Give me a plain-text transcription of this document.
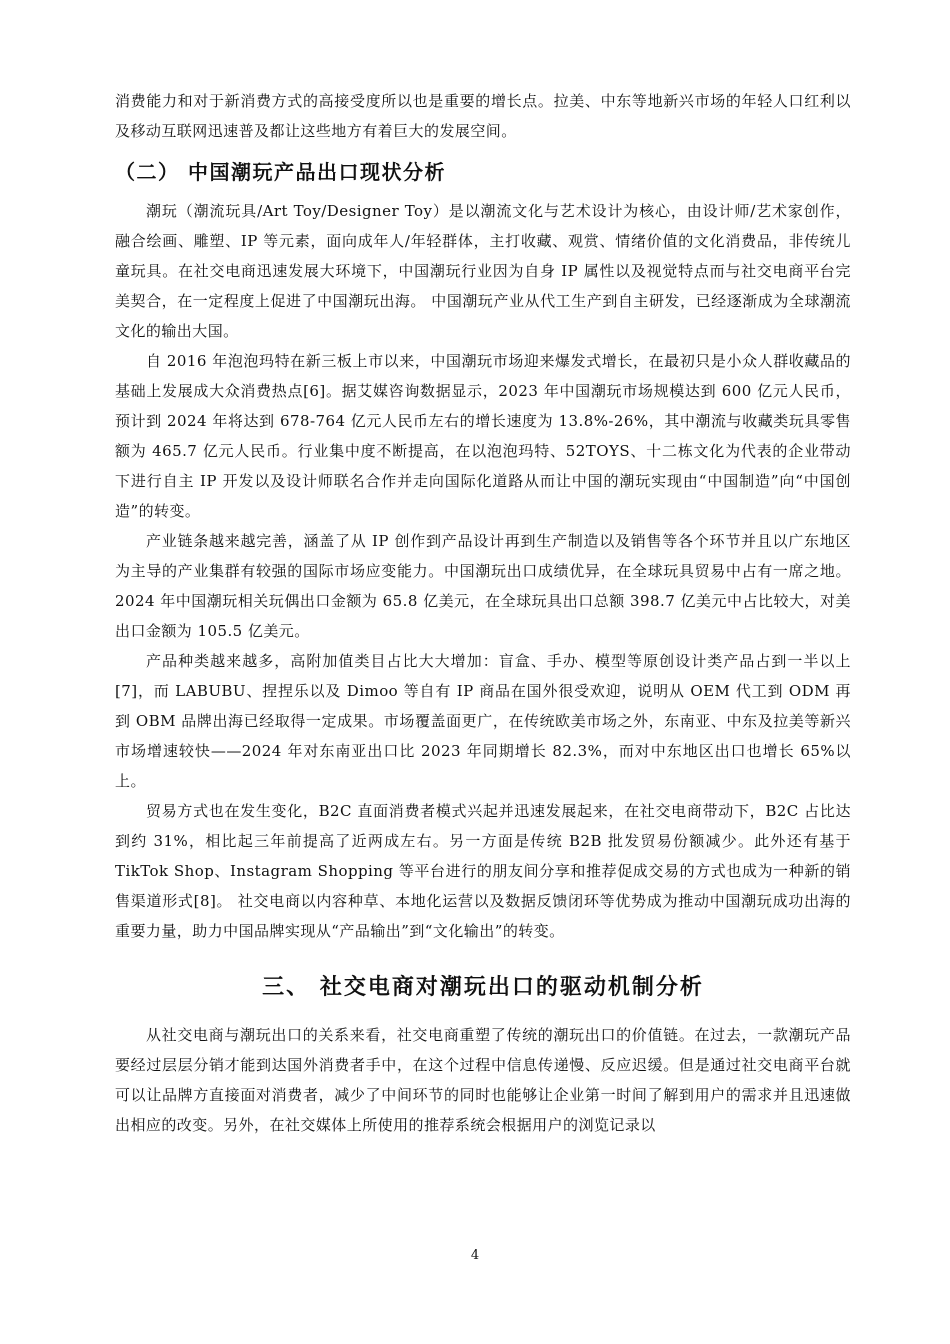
消费能力和对于新消费方式的高接受度所以也是重要的增长点。拉美、中东等地新兴市场的年轻人口红利以及移动互联网迅速普及都让这些地方有着巨大的发展空间。

（二） 中国潮玩产品出口现状分析

潮玩（潮流玩具/Art Toy/Designer Toy）是以潮流文化与艺术设计为核心，由设计师/艺术家创作，融合绘画、雕塑、IP 等元素，面向成年人/年轻群体，主打收藏、观赏、情绪价值的文化消费品，非传统儿童玩具。在社交电商迅速发展大环境下，中国潮玩行业因为自身 IP 属性以及视觉特点而与社交电商平台完美契合，在一定程度上促进了中国潮玩出海。 中国潮玩产业从代工生产到自主研发，已经逐渐成为全球潮流文化的输出大国。

自 2016 年泡泡玛特在新三板上市以来，中国潮玩市场迎来爆发式增长，在最初只是小众人群收藏品的基础上发展成大众消费热点[6]。据艾媒咨询数据显示，2023 年中国潮玩市场规模达到 600 亿元人民币，预计到 2024 年将达到 678-764 亿元人民币左右的增长速度为 13.8%-26%，其中潮流与收藏类玩具零售额为 465.7 亿元人民币。行业集中度不断提高，在以泡泡玛特、52TOYS、十二栋文化为代表的企业带动下进行自主 IP 开发以及设计师联名合作并走向国际化道路从而让中国的潮玩实现由“中国制造”向“中国创造”的转变。

产业链条越来越完善，涵盖了从 IP 创作到产品设计再到生产制造以及销售等各个环节并且以广东地区为主导的产业集群有较强的国际市场应变能力。中国潮玩出口成绩优异，在全球玩具贸易中占有一席之地。2024 年中国潮玩相关玩偶出口金额为 65.8 亿美元，在全球玩具出口总额 398.7 亿美元中占比较大，对美出口金额为 105.5 亿美元。

产品种类越来越多，高附加值类目占比大大增加：盲盒、手办、模型等原创设计类产品占到一半以上[7]，而 LABUBU、捏捏乐以及 Dimoo 等自有 IP 商品在国外很受欢迎，说明从 OEM 代工到 ODM 再到 OBM 品牌出海已经取得一定成果。市场覆盖面更广，在传统欧美市场之外，东南亚、中东及拉美等新兴市场增速较快——2024 年对东南亚出口比 2023 年同期增长 82.3%，而对中东地区出口也增长 65%以上。

贸易方式也在发生变化，B2C 直面消费者模式兴起并迅速发展起来，在社交电商带动下，B2C 占比达到约 31%，相比起三年前提高了近两成左右。另一方面是传统 B2B 批发贸易份额减少。此外还有基于 TikTok Shop、Instagram Shopping 等平台进行的朋友间分享和推荐促成交易的方式也成为一种新的销售渠道形式[8]。 社交电商以内容种草、本地化运营以及数据反馈闭环等优势成为推动中国潮玩成功出海的重要力量，助力中国品牌实现从“产品输出”到“文化输出”的转变。

三、 社交电商对潮玩出口的驱动机制分析

从社交电商与潮玩出口的关系来看，社交电商重塑了传统的潮玩出口的价值链。在过去，一款潮玩产品要经过层层分销才能到达国外消费者手中，在这个过程中信息传递慢、反应迟缓。但是通过社交电商平台就可以让品牌方直接面对消费者，减少了中间环节的同时也能够让企业第一时间了解到用户的需求并且迅速做出相应的改变。另外，在社交媒体上所使用的推荐系统会根据用户的浏览记录以

4
